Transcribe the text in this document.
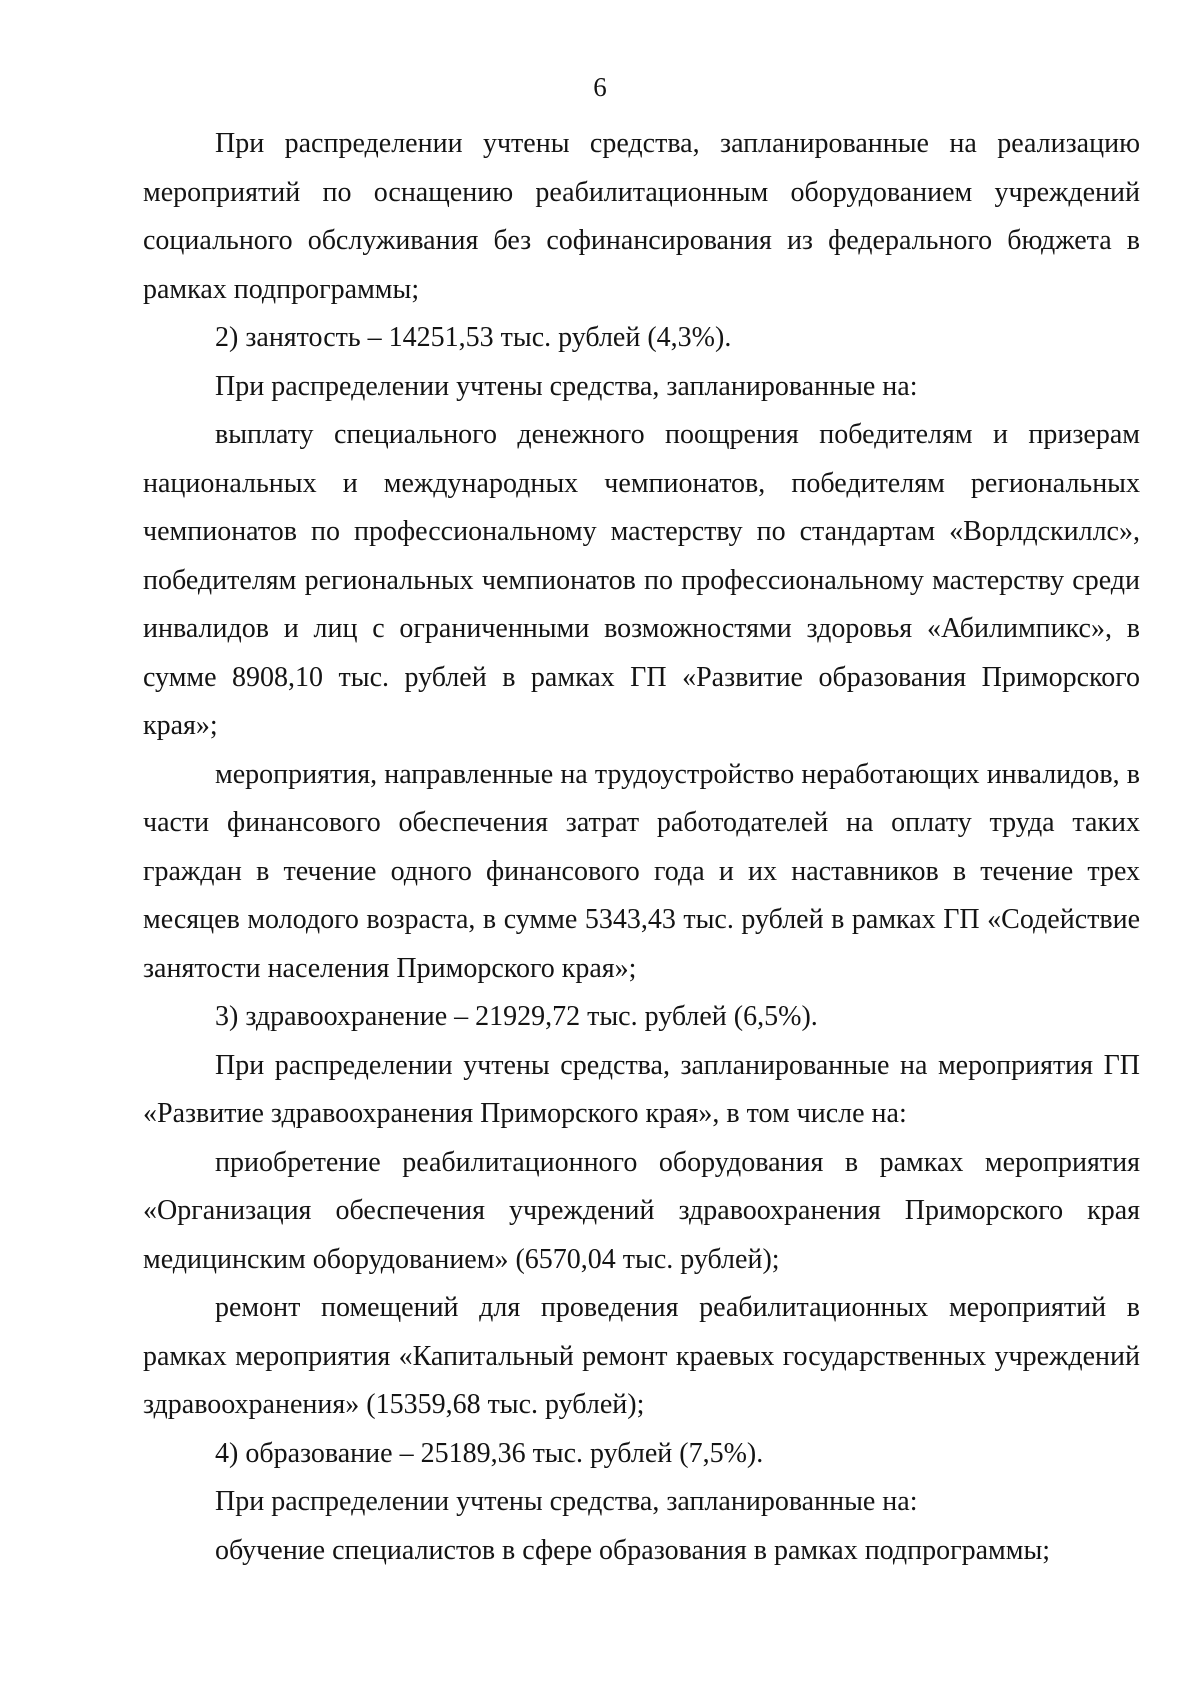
6

При распределении учтены средства, запланированные на реализацию мероприятий по оснащению реабилитационным оборудованием учреждений социального обслуживания без софинансирования из федерального бюджета в рамках подпрограммы;

2) занятость – 14251,53 тыс. рублей (4,3%).

При распределении учтены средства, запланированные на:

выплату специального денежного поощрения победителям и призерам национальных и международных чемпионатов, победителям региональных чемпионатов по профессиональному мастерству по стандартам «Ворлдскиллс», победителям региональных чемпионатов по профессиональному мастерству среди инвалидов и лиц с ограниченными возможностями здоровья «Абилимпикс», в сумме 8908,10 тыс. рублей в рамках ГП «Развитие образования Приморского края»;

мероприятия, направленные на трудоустройство неработающих инвалидов, в части финансового обеспечения затрат работодателей на оплату труда таких граждан в течение одного финансового года и их наставников в течение трех месяцев молодого возраста, в сумме 5343,43 тыс. рублей в рамках ГП «Содействие занятости населения Приморского края»;

3) здравоохранение – 21929,72 тыс. рублей (6,5%).

При распределении учтены средства, запланированные на мероприятия ГП «Развитие здравоохранения Приморского края», в том числе на:

приобретение реабилитационного оборудования в рамках мероприятия «Организация обеспечения учреждений здравоохранения Приморского края медицинским оборудованием» (6570,04 тыс. рублей);

ремонт помещений для проведения реабилитационных мероприятий в рамках мероприятия «Капитальный ремонт краевых государственных учреждений здравоохранения» (15359,68 тыс. рублей);

4) образование – 25189,36 тыс. рублей (7,5%).

При распределении учтены средства, запланированные на:

обучение специалистов в сфере образования в рамках подпрограммы;
